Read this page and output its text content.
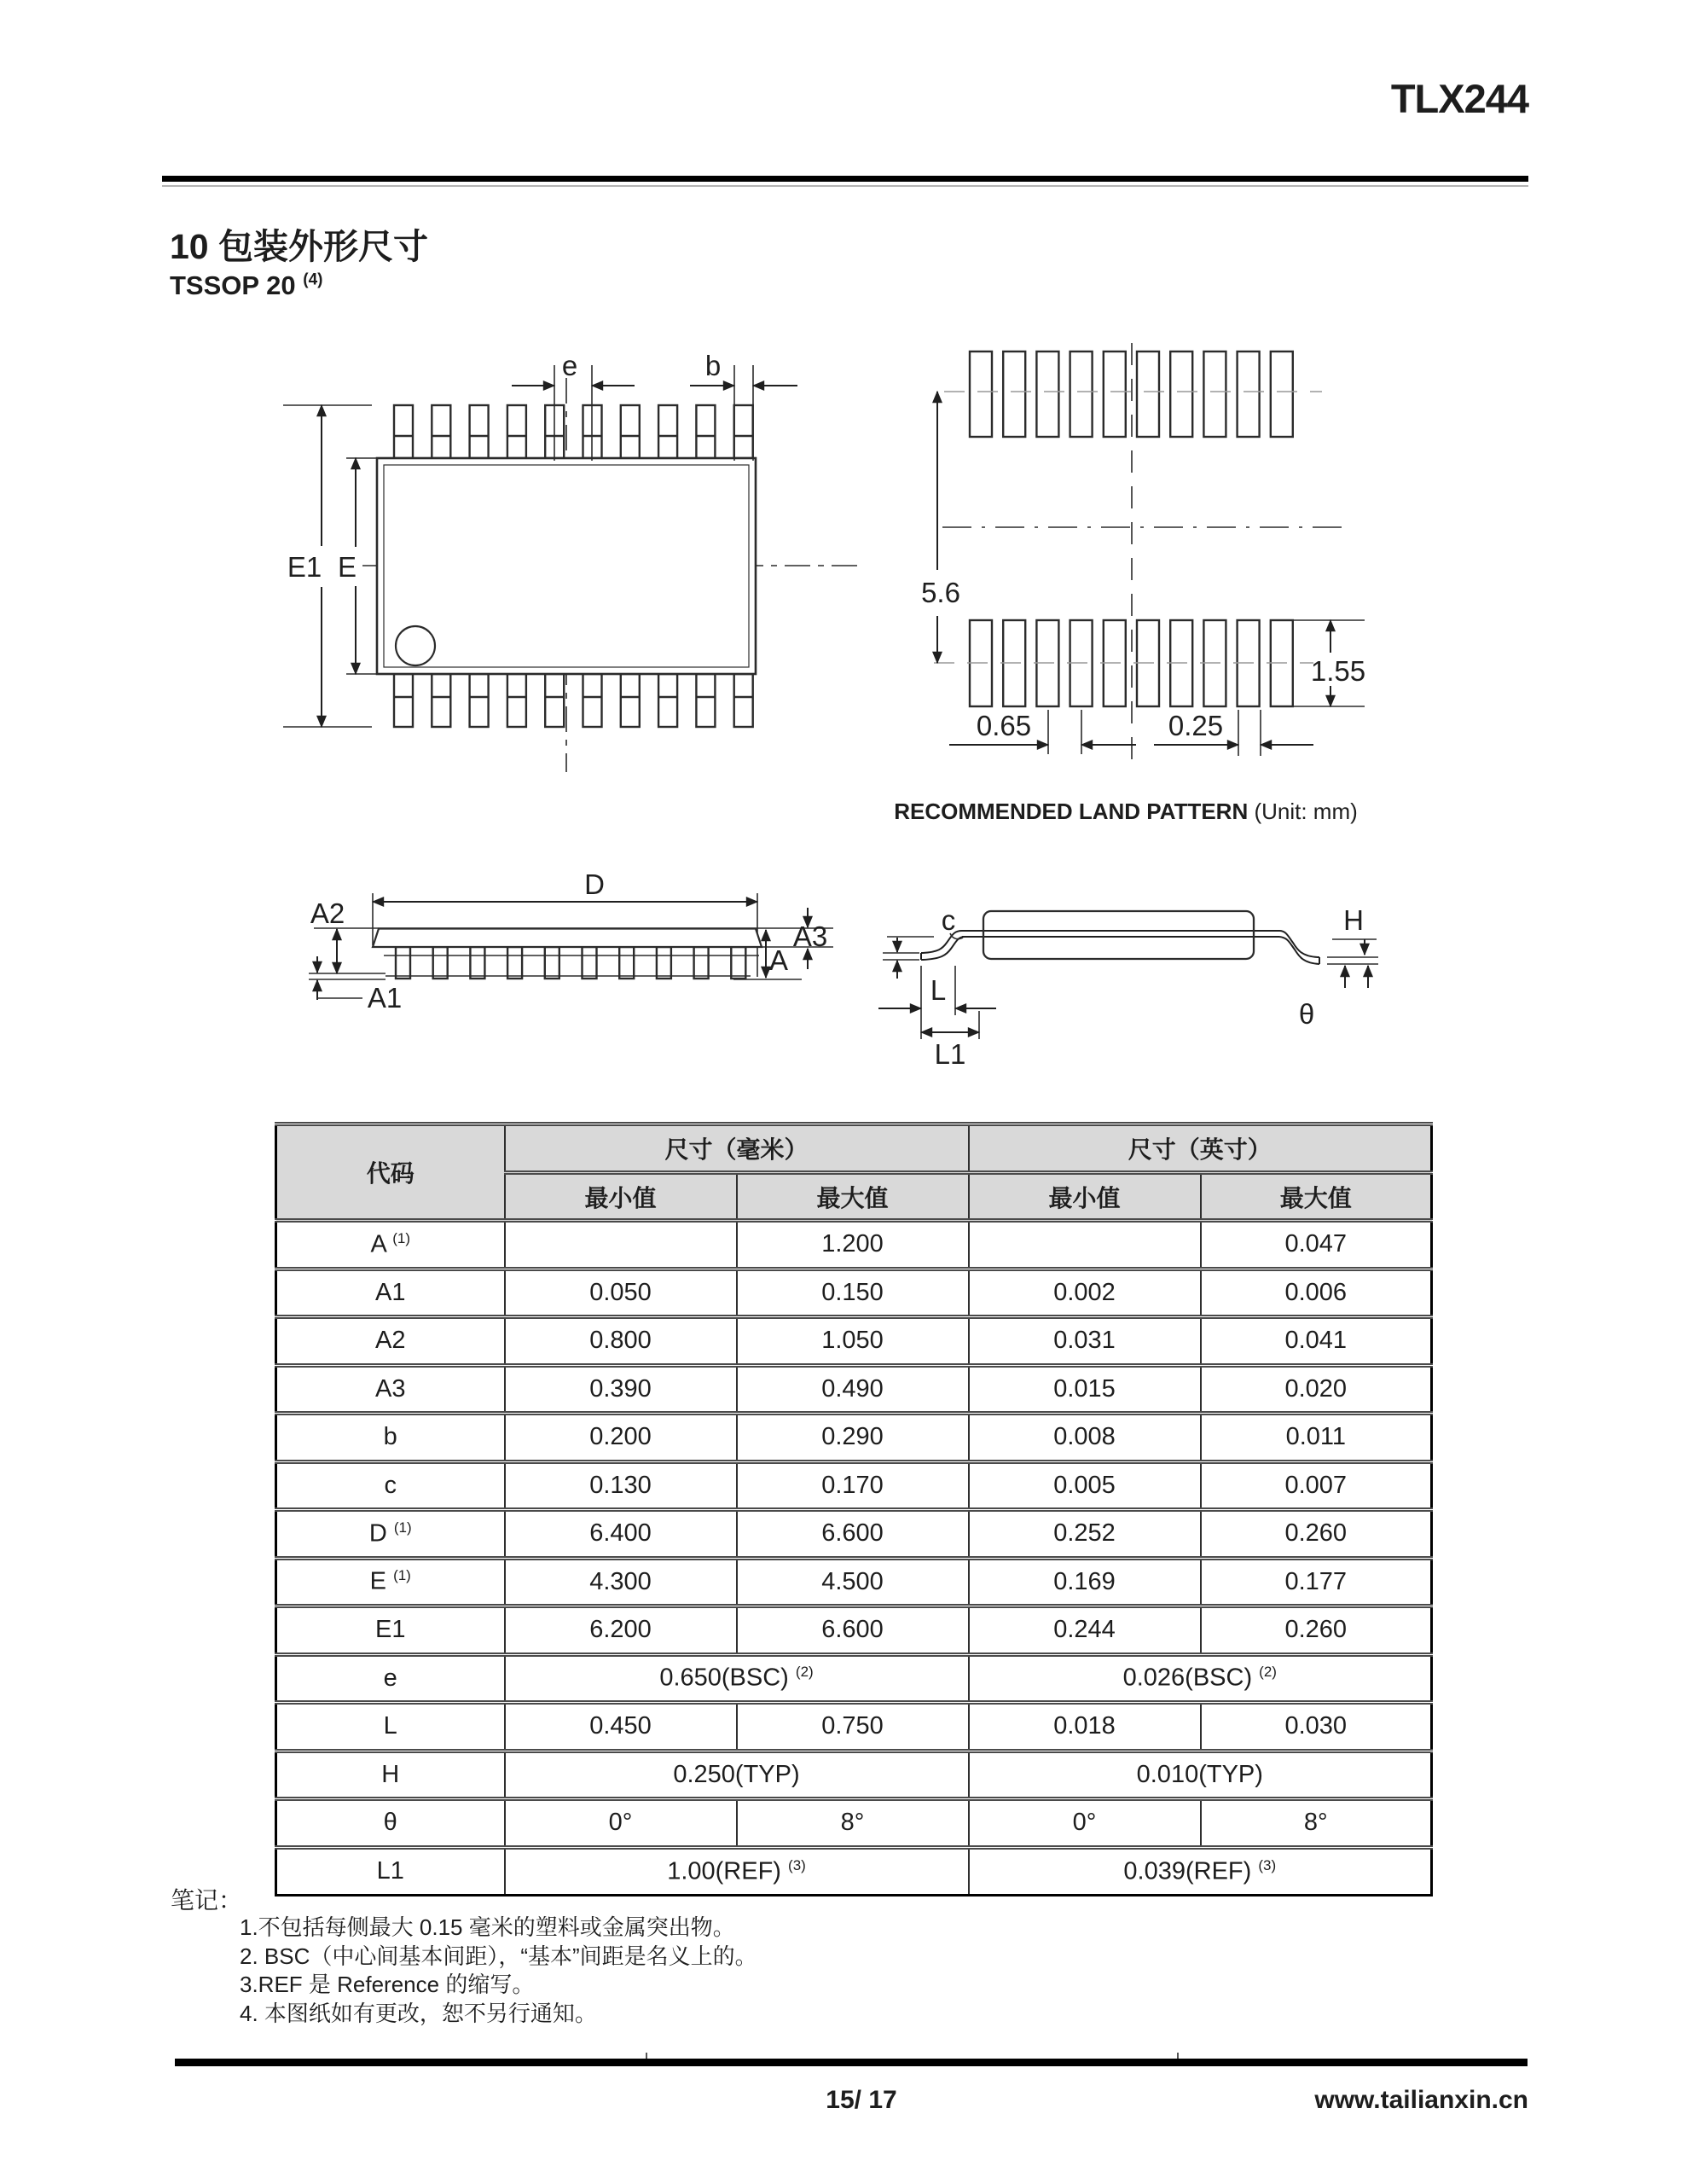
TLX244
10 包装外形尺寸
TSSOP 20 $^{(4)}$
E1 E
e	b
5.6
1.55
0.65	0.25
RECOMMENDED LAND PATTERN (Unit: mm)
D
A2
A1
A
A3
c
L
L1
H
θ
代码	尺寸（毫米）		尺寸（英寸）	
	最小值	最大值	最小值	最大值
A $^{(1)}$		1.200		0.047
A1	0.050	0.150	0.002	0.006
A2	0.800	1.050	0.031	0.041
A3	0.390	0.490	0.015	0.020
b	0.200	0.290	0.008	0.011
c	0.130	0.170	0.005	0.007
D $^{(1)}$	6.400	6.600	0.252	0.260
E $^{(1)}$	4.300	4.500	0.169	0.177
E1	6.200	6.600	0.244	0.260
e	0.650(BSC) $^{(2)}$		0.026(BSC) $^{(2)}$
L	0.450	0.750	0.018	0.030
H	0.250(TYP)		0.010(TYP)	
θ	0°	8°	0°	8°
L1	1.00(REF) $^{(3)}$		0.039(REF) $^{(3)}$
笔记：
1.不包括每侧最大 0.15 毫米的塑料或金属突出物。
2. BSC（中心间基本间距），“基本”间距是名义上的。
3.REF 是 Reference 的缩写。
4. 本图纸如有更改，恕不另行通知。
15/ 17	www.tailianxin.cn
